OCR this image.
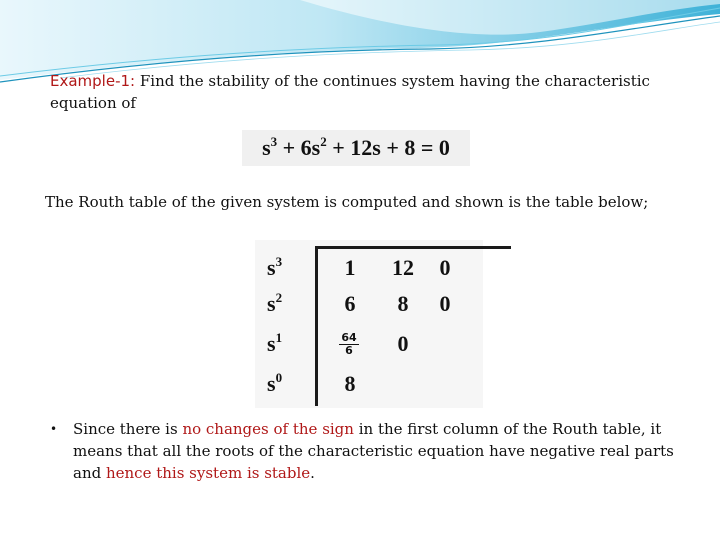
Example-1: Find the stability of the continues system having the characteristic equation of
$s^3 + 6s^2 + 12s + 8 = 0$
The Routh table of the given system is computed and shown is the table below;
$s^3$	1	12	0
$s^2$	6	8	0
$s^1$	$\frac{64}{6}$	0
$s^0$	8
• Since there is no changes of the sign in the first column of the Routh table, it means that all the roots of the characteristic equation have negative real parts and hence this system is stable.
